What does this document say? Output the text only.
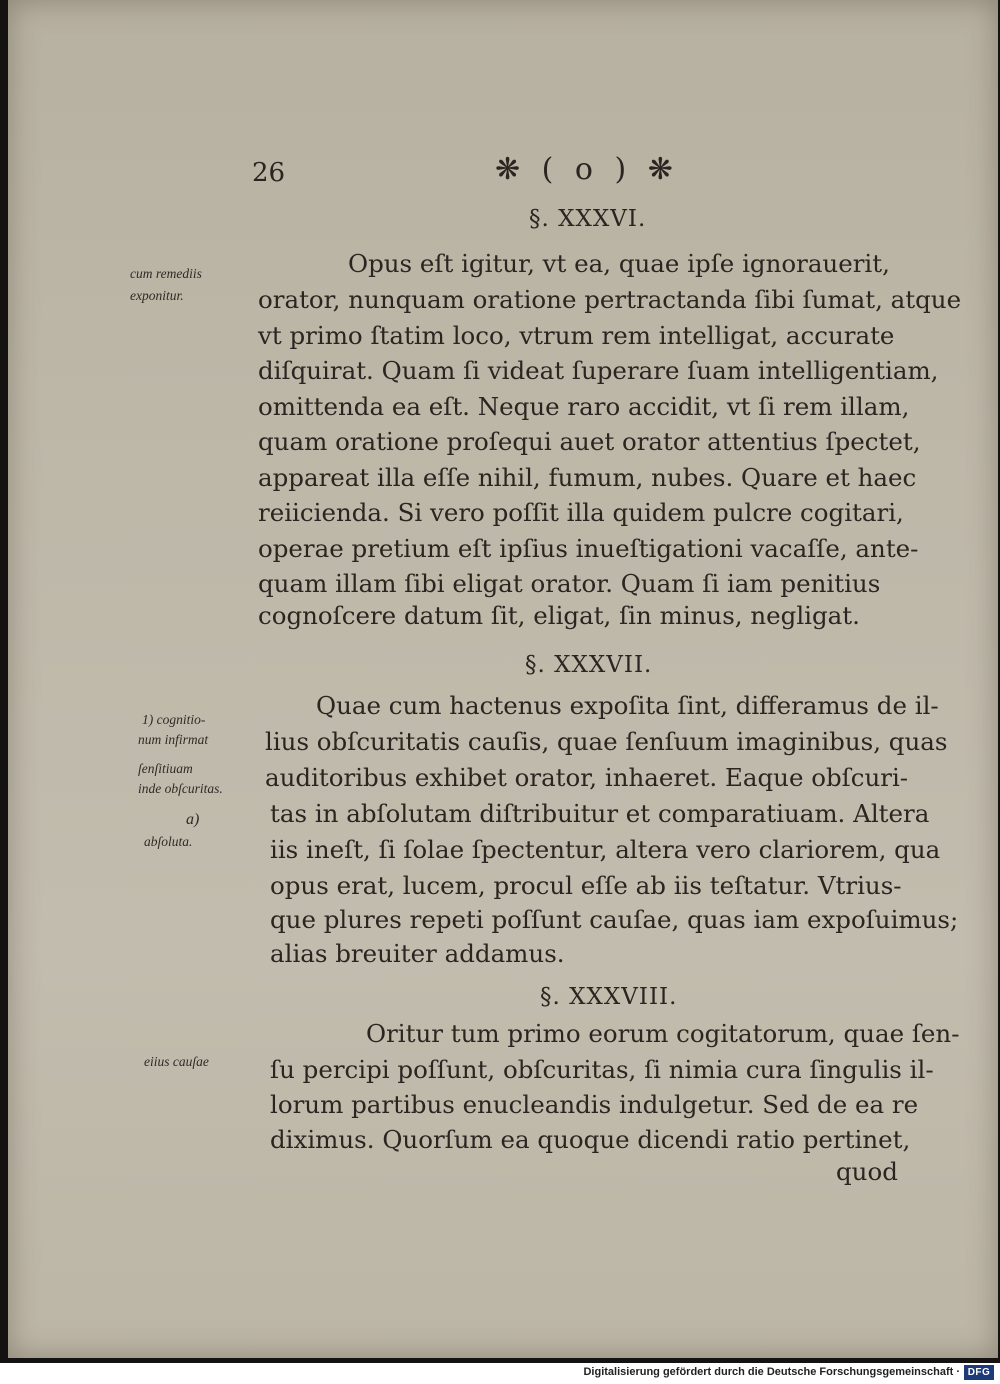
26	❋ ( o ) ❋
§. XXXVI.
Opus eſt igitur, vt ea, quae ipſe ignorauerit,
orator, nunquam oratione pertractanda ſibi ſumat, atque
vt primo ſtatim loco, vtrum rem intelligat, accurate
diſquirat. Quam ſi videat ſuperare ſuam intelligentiam,
omittenda ea eſt. Neque raro accidit, vt ſi rem illam,
quam oratione proſequi auet orator attentius ſpectet,
appareat illa eſſe nihil, fumum, nubes. Quare et haec
reiicienda. Si vero poſſit illa quidem pulcre cogitari,
operae pretium eſt ipſius inueſtigationi vacaſſe, ante-
quam illam ſibi eligat orator. Quam ſi iam penitius
cognoſcere datum ſit, eligat, ſin minus, negligat.
§. XXXVII.
Quae cum hactenus expoſita ſint, differamus de il-
lius obſcuritatis cauſis, quae ſenſuum imaginibus, quas
auditoribus exhibet orator, inhaeret. Eaque obſcuri-
tas in abſolutam diſtribuitur et comparatiuam. Altera
iis ineſt, ſi ſolae ſpectentur, altera vero clariorem, qua
opus erat, lucem, procul eſſe ab iis teſtatur. Vtrius-
que plures repeti poſſunt cauſae, quas iam expoſuimus;
alias breuiter addamus.
§. XXXVIII.
Oritur tum primo eorum cogitatorum, quae ſen-
ſu percipi poſſunt, obſcuritas, ſi nimia cura ſingulis il-
lorum partibus enucleandis indulgetur. Sed de ea re
diximus. Quorſum ea quoque dicendi ratio pertinet,
quod
cum remediis
exponitur.
1) cognitio-
num infirmat
ſenſitiuam
inde obſcuritas.
a)
abſoluta.
eiius cauſae
Digitalisierung gefördert durch die Deutsche Forschungsgemeinschaft · DFG
